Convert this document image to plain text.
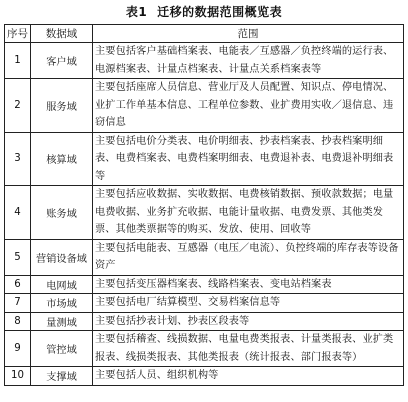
表1 迁移的数据范围概览表
序号	数据域	范围
1	客户域	主要包括客户基础档案表、电能表／互感器／负控终端的运行表、电源档案表、计量点档案表、计量点关系档案表等
2	服务域	主要包括座席人员信息、营业厅及人员配置、知识点、停电情况、业扩工作单基本信息、工程单位参数、业扩费用实收／退信息、违窃信息
3	核算域	主要包括电价分类表、电价明细表、抄表档案表、抄表档案明细表、电费档案表、电费档案明细表、电费退补表、电费退补明细表等
4	账务域	主要包括应收数据、实收数据、电费核销数据、预收款数据；电量电费收据、业务扩充收据、电能计量收据、电费发票、其他类发票、其他类票据等的购买、发放、使用、回收等
5	营销设备域	主要包括电能表、互感器（电压／电流）、负控终端的库存表等设备资产
6	电网域	主要包括变压器档案表、线路档案表、变电站档案表
7	市场域	主要包括电厂结算模型、交易档案信息等
8	量测域	主要包括抄表计划、抄表区段表等
9	管控域	主要包括稽查、线损数据、电量电费类报表、计量类报表、业扩类报表、线损类报表、其他类报表（统计报表、部门报表等）
10	支撑域	主要包括人员、组织机构等
